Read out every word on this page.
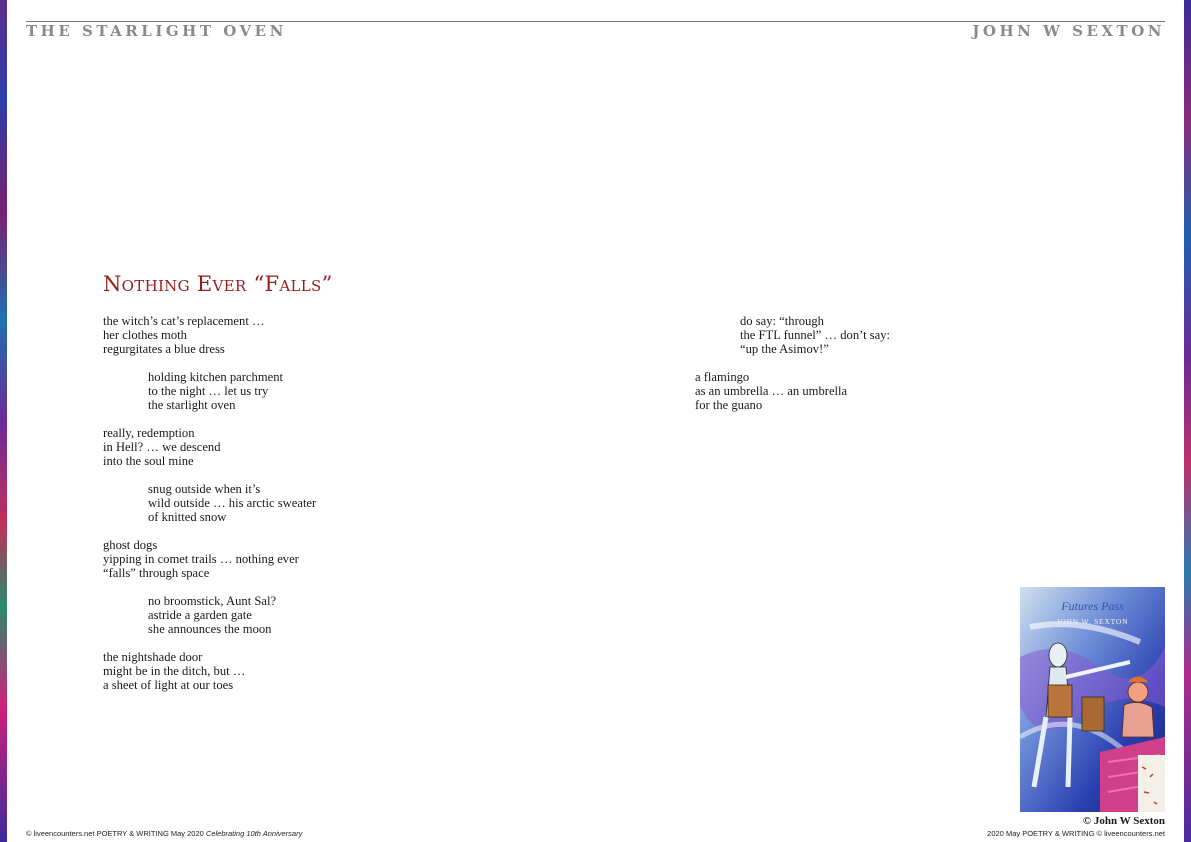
THE STARLIGHT OVEN	JOHN W SEXTON
Nothing Ever “Falls”
the witch’s cat’s replacement …
her clothes moth
regurgitates a blue dress
holding kitchen parchment
to the night … let us try
the starlight oven
really, redemption
in Hell? … we descend
into the soul mine
snug outside when it’s
wild outside … his arctic sweater
of knitted snow
ghost dogs
yipping in comet trails … nothing ever
“falls” through space
no broomstick, Aunt Sal?
astride a garden gate
she announces the moon
the nightshade door
might be in the ditch, but …
a sheet of light at our toes
do say: “through
the FTL funnel” … don’t say:
“up the Asimov!”
a flamingo
as an umbrella … an umbrella
for the guano
Futures Pass
JOHN W. SEXTON
© John W Sexton
© liveencounters.net POETRY & WRITING May 2020 Celebrating 10th Anniversary	2020 May POETRY & WRITING © liveencounters.net
